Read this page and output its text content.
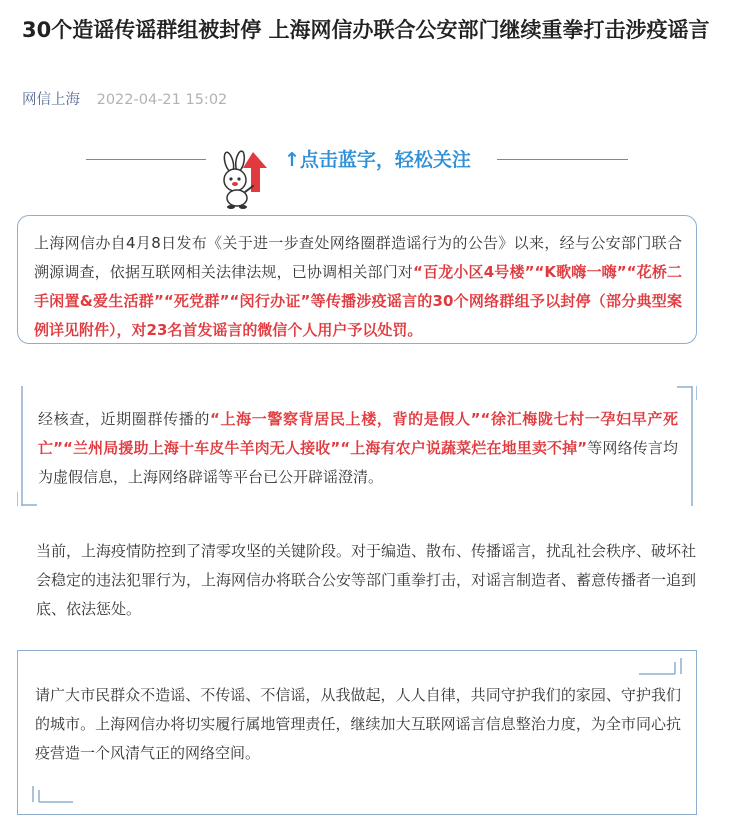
30个造谣传谣群组被封停 上海网信办联合公安部门继续重拳打击涉疫谣言
网信上海 2022-04-21 15:02
↑点击蓝字，轻松关注

上海网信办自4月8日发布《关于进一步查处网络圈群造谣行为的公告》以来，经与公安部门联合溯源调查，依据互联网相关法律法规，已协调相关部门对“百龙小区4号楼”“K歌嗨一嗨”“花桥二手闲置&爱生活群”“死党群”“闵行办证”等传播涉疫谣言的30个网络群组予以封停（部分典型案例详见附件），对23名首发谣言的微信个人用户予以处罚。

经核查，近期圈群传播的“上海一警察背居民上楼，背的是假人”“徐汇梅陇七村一孕妇早产死亡”“兰州局援助上海十车皮牛羊肉无人接收”“上海有农户说蔬菜烂在地里卖不掉”等网络传言均为虚假信息，上海网络辟谣等平台已公开辟谣澄清。

当前，上海疫情防控到了清零攻坚的关键阶段。对于编造、散布、传播谣言，扰乱社会秩序、破坏社会稳定的违法犯罪行为，上海网信办将联合公安等部门重拳打击，对谣言制造者、蓄意传播者一追到底、依法惩处。

请广大市民群众不造谣、不传谣、不信谣，从我做起，人人自律，共同守护我们的家园、守护我们的城市。上海网信办将切实履行属地管理责任，继续加大互联网谣言信息整治力度，为全市同心抗疫营造一个风清气正的网络空间。
